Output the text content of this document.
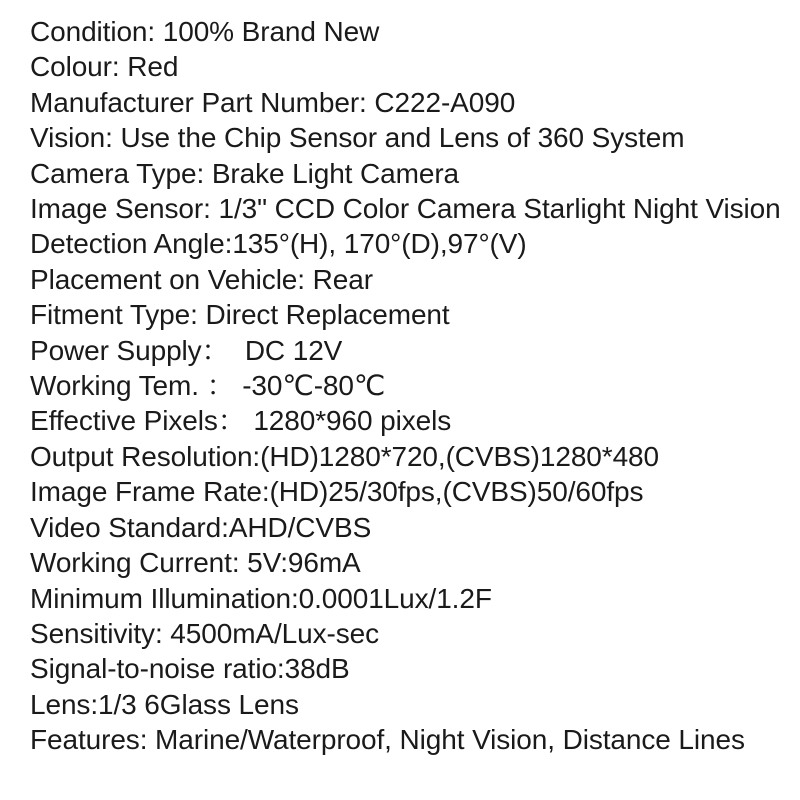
Condition: 100% Brand New
Colour: Red
Manufacturer Part Number: C222-A090
Vision: Use the Chip Sensor and Lens of 360 System
Camera Type: Brake Light Camera
Image Sensor: 1/3" CCD Color Camera Starlight Night Vision
Detection Angle:135°(H), 170°(D),97°(V)
Placement on Vehicle: Rear
Fitment Type: Direct Replacement
Power Supply：  DC 12V
Working Tem. ： -30℃-80℃
Effective Pixels： 1280*960 pixels
Output Resolution:(HD)1280*720,(CVBS)1280*480
Image Frame Rate:(HD)25/30fps,(CVBS)50/60fps
Video Standard:AHD/CVBS
Working Current: 5V:96mA
Minimum Illumination:0.0001Lux/1.2F
Sensitivity: 4500mA/Lux-sec
Signal-to-noise ratio:38dB
Lens:1/3 6Glass Lens
Features: Marine/Waterproof, Night Vision, Distance Lines
